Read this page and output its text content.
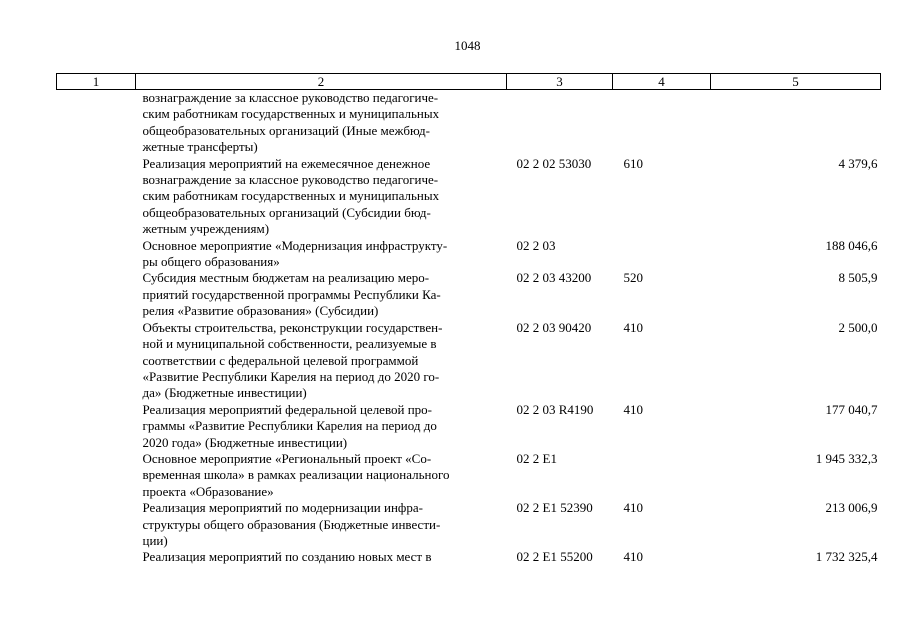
1048
1	2	3	4	5

	вознаграждение за классное руководство педагогиче-
ским работникам государственных и муниципальных
общеобразовательных организаций (Иные межбюд-
жетные трансферты)			

	Реализация мероприятий на ежемесячное денежное
вознаграждение за классное руководство педагогиче-
ским работникам государственных и муниципальных
общеобразовательных организаций (Субсидии бюд-
жетным учреждениям)	02 2 02 53030	610	4 379,6

	Основное мероприятие «Модернизация инфраструкту-
ры общего образования»	02 2 03		188 046,6

	Субсидия местным бюджетам на реализацию меро-
приятий государственной программы Республики Ка-
релия «Развитие образования» (Субсидии)	02 2 03 43200	520	8 505,9

	Объекты строительства, реконструкции государствен-
ной и муниципальной собственности, реализуемые в
соответствии с федеральной целевой программой
«Развитие Республики Карелия на период до 2020 го-
да» (Бюджетные инвестиции)	02 2 03 90420	410	2 500,0

	Реализация мероприятий федеральной целевой про-
граммы «Развитие Республики Карелия на период до
2020 года» (Бюджетные инвестиции)	02 2 03 R4190	410	177 040,7

	Основное мероприятие «Региональный проект «Со-
временная школа» в рамках реализации национального
проекта «Образование»	02 2 E1		1 945 332,3

	Реализация мероприятий по модернизации инфра-
структуры общего образования (Бюджетные инвести-
ции)	02 2 E1 52390	410	213 006,9

	Реализация мероприятий по созданию новых мест в	02 2 E1 55200	410	1 732 325,4
